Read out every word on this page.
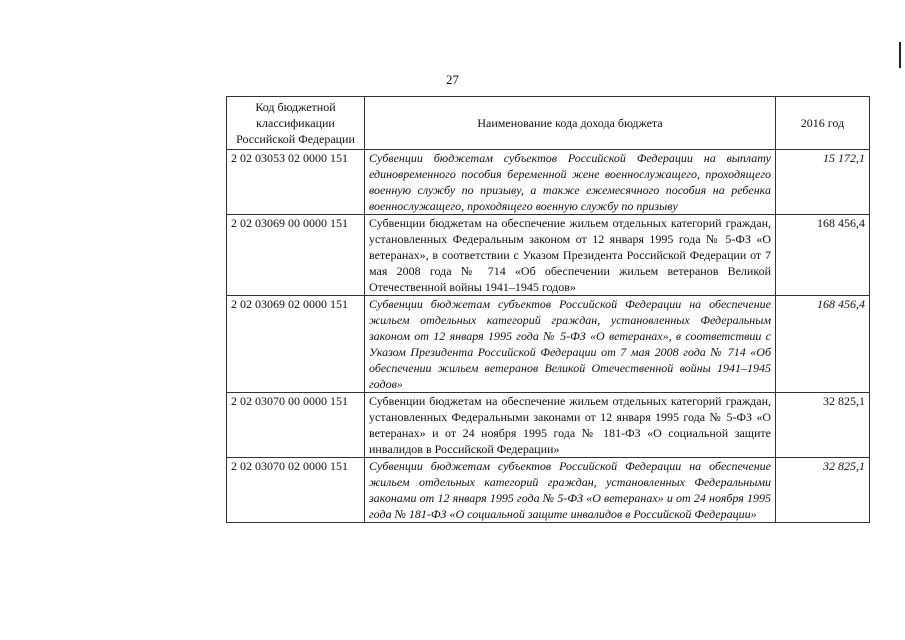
27
Код бюджетной классификации Российской Федерации	Наименование кода дохода бюджета	2016 год
2 02 03053 02 0000 151	Субвенции бюджетам субъектов Российской Федерации на выплату единовременного пособия беременной жене военнослужащего, проходящего военную службу по призыву, а также ежемесячного пособия на ребенка военнослужащего, проходящего военную службу по призыву	15 172,1
2 02 03069 00 0000 151	Субвенции бюджетам на обеспечение жильем отдельных категорий граждан, установленных Федеральным законом от 12 января 1995 года № 5-ФЗ «О ветеранах», в соответствии с Указом Президента Российской Федерации от 7 мая 2008 года № 714 «Об обеспечении жильем ветеранов Великой Отечественной войны 1941–1945 годов»	168 456,4
2 02 03069 02 0000 151	Субвенции бюджетам субъектов Российской Федерации на обеспечение жильем отдельных категорий граждан, установленных Федеральным законом от 12 января 1995 года № 5-ФЗ «О ветеранах», в соответствии с Указом Президента Российской Федерации от 7 мая 2008 года № 714 «Об обеспечении жильем ветеранов Великой Отечественной войны 1941–1945 годов»	168 456,4
2 02 03070 00 0000 151	Субвенции бюджетам на обеспечение жильем отдельных категорий граждан, установленных Федеральными законами от 12 января 1995 года № 5-ФЗ «О ветеранах» и от 24 ноября 1995 года № 181-ФЗ «О социальной защите инвалидов в Российской Федерации»	32 825,1
2 02 03070 02 0000 151	Субвенции бюджетам субъектов Российской Федерации на обеспечение жильем отдельных категорий граждан, установленных Федеральными законами от 12 января 1995 года № 5-ФЗ «О ветеранах» и от 24 ноября 1995 года № 181-ФЗ «О социальной защите инвалидов в Российской Федерации»	32 825,1
